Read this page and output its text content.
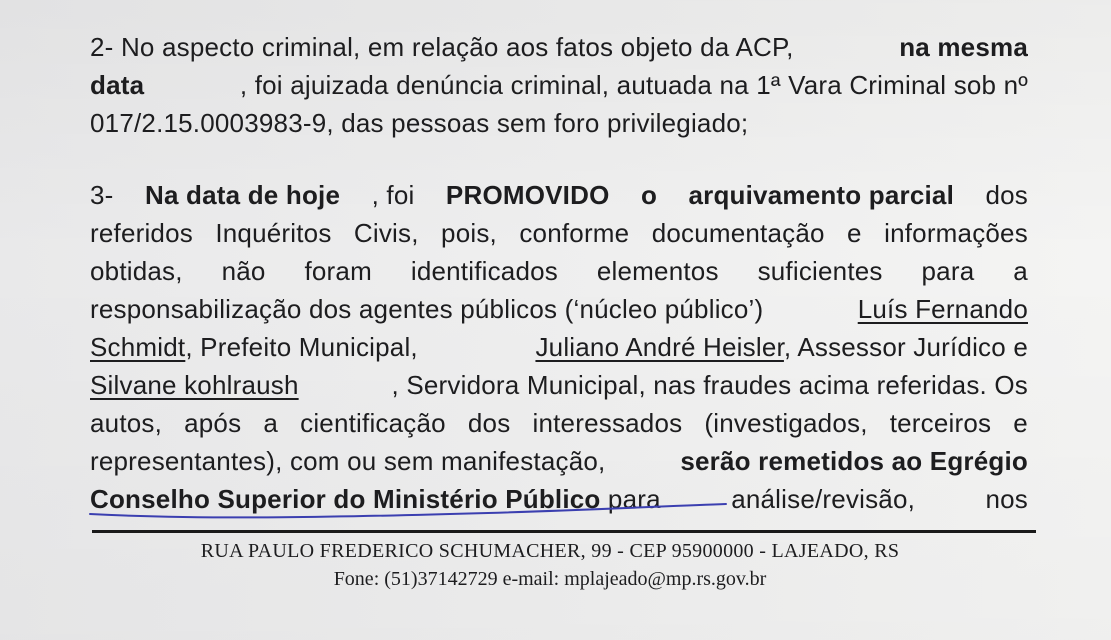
2- No aspecto criminal, em relação aos fatos objeto da ACP,	na mesma
data	, foi ajuizada denúncia criminal, autuada na 1ª Vara Criminal sob nº
017/2.15.0003983-9, das pessoas sem foro privilegiado;
3- Na data de hoje , foi PROMOVIDO o arquivamento parcial dos
referidos Inquéritos Civis, pois, conforme documentação e informações
obtidas, não foram identificados elementos suficientes para a
responsabilização dos agentes públicos (‘núcleo público’)	Luís Fernando
Schmidt, Prefeito Municipal,	Juliano André Heisler, Assessor Jurídico e
Silvane kohlraush	, Servidora Municipal, nas fraudes acima referidas. Os
autos, após a cientificação dos interessados (investigados, terceiros e
representantes), com ou sem manifestação,	serão remetidos ao Egrégio
Conselho Superior do Ministério Público para	análise/revisão,	nos
RUA PAULO FREDERICO SCHUMACHER, 99 - CEP 95900000 - LAJEADO, RS
Fone: (51)37142729 e-mail: mplajeado@mp.rs.gov.br
